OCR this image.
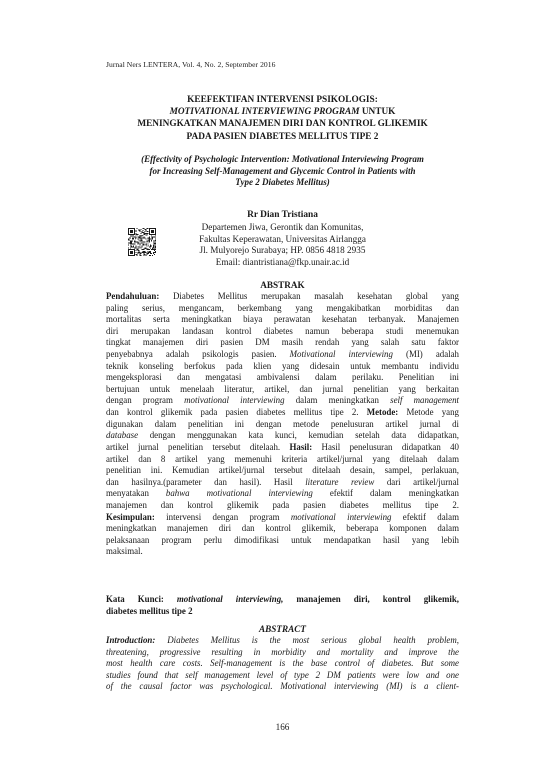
Jurnal Ners LENTERA, Vol. 4, No. 2, September 2016
KEEFEKTIFAN INTERVENSI PSIKOLOGIS:
MOTIVATIONAL INTERVIEWING PROGRAM UNTUK
MENINGKATKAN MANAJEMEN DIRI DAN KONTROL GLIKEMIK
PADA PASIEN DIABETES MELLITUS TIPE 2
(Effectivity of Psychologic Intervention: Motivational Interviewing Program
for Increasing Self-Management and Glycemic Control in Patients with
Type 2 Diabetes Mellitus)
Rr Dian Tristiana
Departemen Jiwa, Gerontik dan Komunitas,
Fakultas Keperawatan, Universitas Airlangga
Jl. Mulyorejo Surabaya; HP. 0856 4818 2935
Email: diantristiana@fkp.unair.ac.id
ABSTRAK
Pendahuluan: Diabetes Mellitus merupakan masalah kesehatan global yang
paling serius, mengancam, berkembang yang mengakibatkan morbiditas dan
mortalitas serta meningkatkan biaya perawatan kesehatan terbanyak. Manajemen
diri merupakan landasan kontrol diabetes namun beberapa studi menemukan
tingkat manajemen diri pasien DM masih rendah yang salah satu faktor
penyebabnya adalah psikologis pasien. Motivational interviewing (MI) adalah
teknik konseling berfokus pada klien yang didesain untuk membantu individu
mengeksplorasi dan mengatasi ambivalensi dalam perilaku. Penelitian ini
bertujuan untuk menelaah literatur, artikel, dan jurnal penelitian yang berkaitan
dengan program motivational interviewing dalam meningkatkan self management
dan kontrol glikemik pada pasien diabetes mellitus tipe 2. Metode: Metode yang
digunakan dalam penelitian ini dengan metode penelusuran artikel jurnal di
database dengan menggunakan kata kunci, kemudian setelah data didapatkan,
artikel jurnal penelitian tersebut ditelaah. Hasil: Hasil penelusuran didapatkan 40
artikel dan 8 artikel yang memenuhi kriteria artikel/jurnal yang ditelaah dalam
penelitian ini. Kemudian artikel/jurnal tersebut ditelaah desain, sampel, perlakuan,
dan hasilnya.(parameter dan hasil). Hasil literature review dari artikel/jurnal
menyatakan bahwa motivational interviewing efektif dalam meningkatkan
manajemen dan kontrol glikemik pada pasien diabetes mellitus tipe 2.
Kesimpulan: intervensi dengan program motivational interviewing efektif dalam
meningkatkan manajemen diri dan kontrol glikemik, beberapa komponen dalam
pelaksanaan program perlu dimodifikasi untuk mendapatkan hasil yang lebih
maksimal.
Kata Kunci: motivational interviewing, manajemen diri, kontrol glikemik,
diabetes mellitus tipe 2
ABSTRACT
Introduction: Diabetes Mellitus is the most serious global health problem,
threatening, progressive resulting in morbidity and mortality and improve the
most health care costs. Self-management is the base control of diabetes. But some
studies found that self management level of type 2 DM patients were low and one
of the causal factor was psychological. Motivational interviewing (MI) is a client-
166
